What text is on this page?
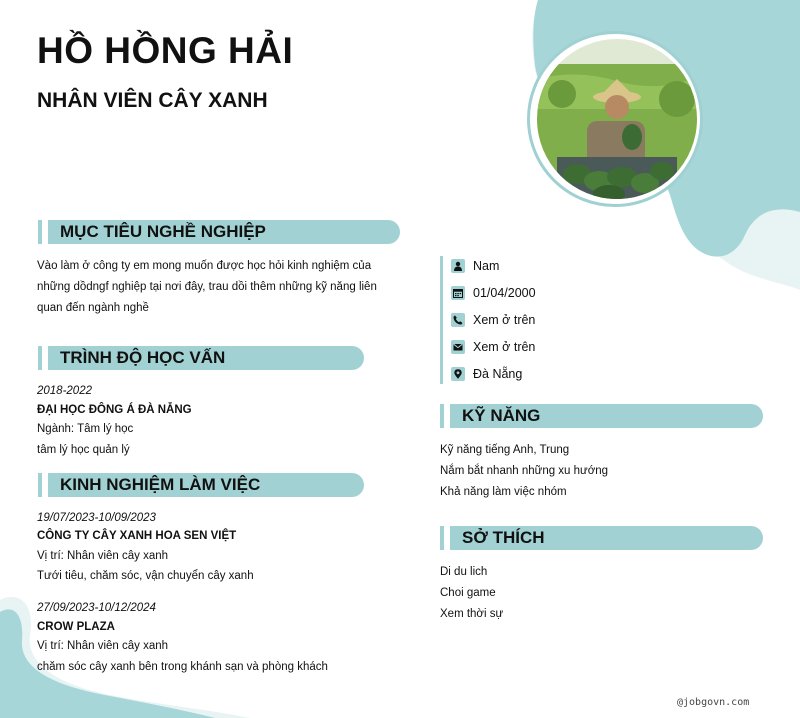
HỒ HỒNG HẢI
NHÂN VIÊN CÂY XANH
MỤC TIÊU NGHỀ NGHIỆP

Vào làm ở công ty em mong muốn được học hỏi kinh nghiệm của những dồdngf nghiệp tại nơi đây, trau dồi thêm những kỹ năng liên quan đến ngành nghề

TRÌNH ĐỘ HỌC VẤN

2018-2022

ĐẠI HỌC ĐÔNG Á ĐÀ NẴNG

Ngành: Tâm lý học

tâm lý học quản lý

KINH NGHIỆM LÀM VIỆC

19/07/2023-10/09/2023

CÔNG TY CÂY XANH HOA SEN VIỆT

Vị trí: Nhân viên cây xanh

Tưới tiêu, chăm sóc, vận chuyển cây xanh

27/09/2023-10/12/2024

CROW PLAZA

Vị trí: Nhân viên cây xanh

chăm sóc cây xanh bên trong khánh sạn và phòng khách

Nam
01/04/2000
Xem ở trên
Xem ở trên
Đà Nẵng
KỸ NĂNG

Kỹ năng tiếng Anh, Trung

Nắm bắt nhanh những xu hướng

Khả năng làm việc nhóm

SỞ THÍCH

Di du lich

Choi game

Xem thời sự

@jobgovn.com
